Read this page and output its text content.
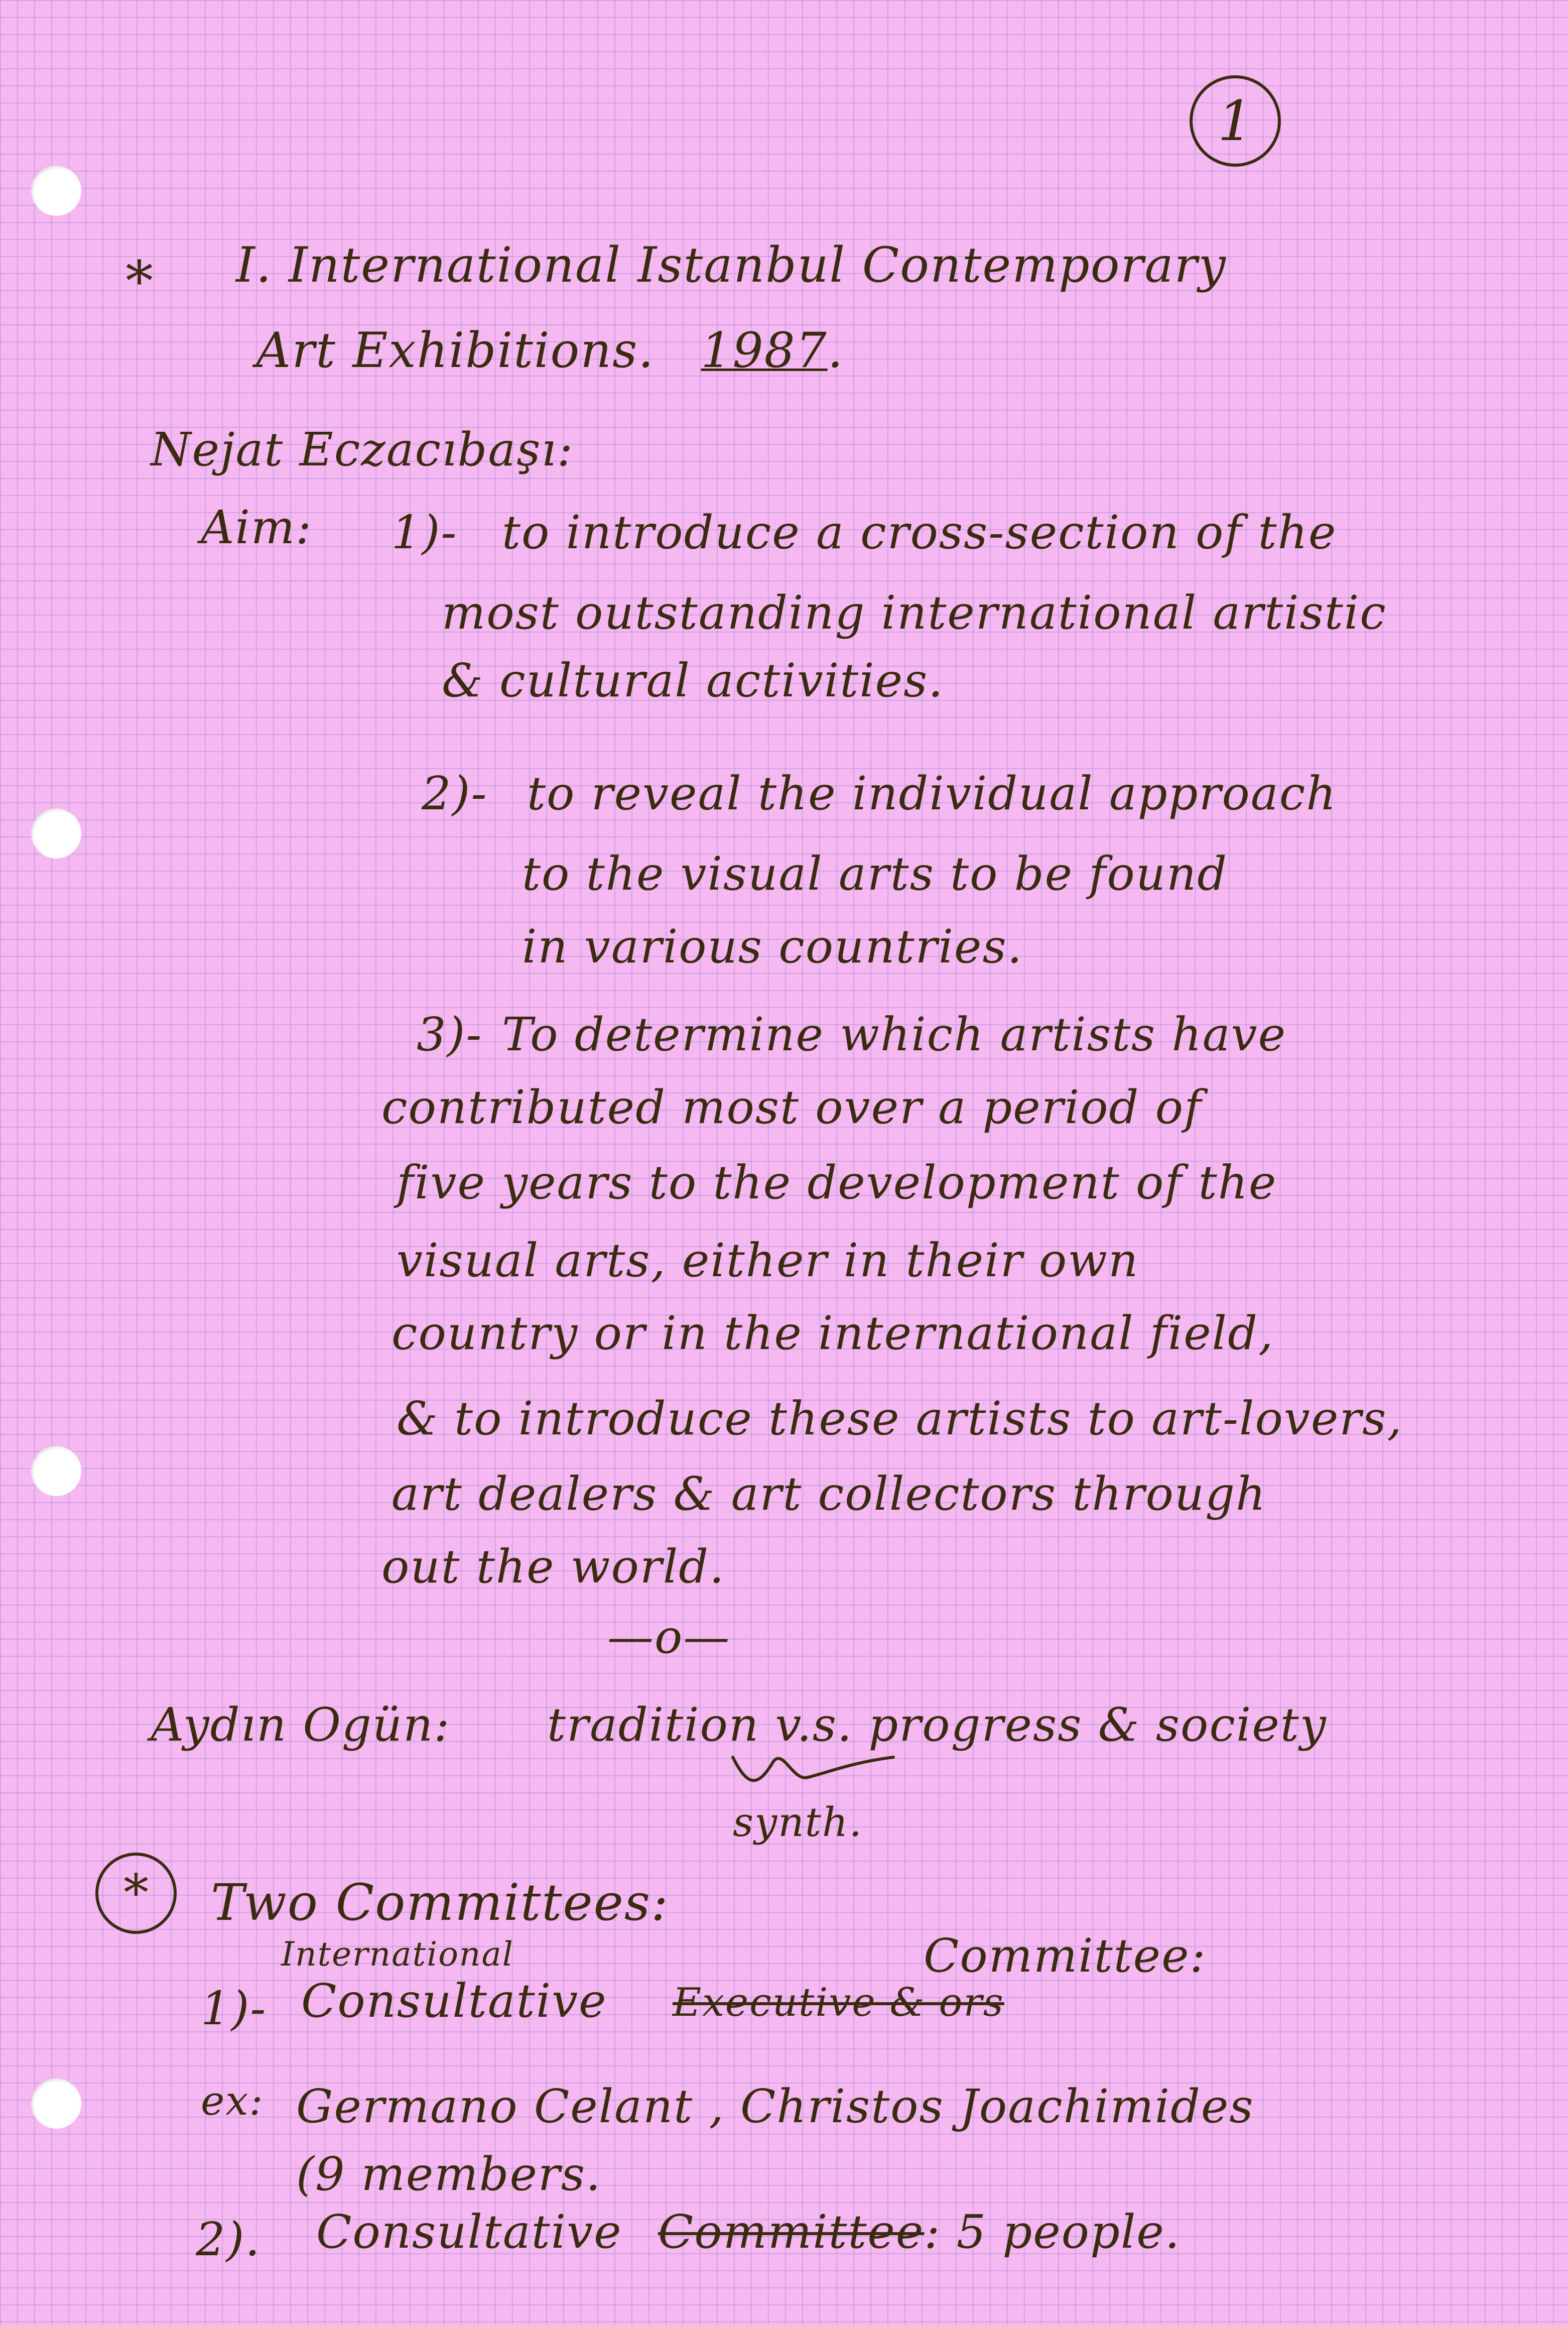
1

* I. International Istanbul Contemporary

Art Exhibitions. 1987.

Nejat Eczacıbaşı:

Aim: 1)- to introduce a cross-section of the

most outstanding international artistic

& cultural activities.

2)- to reveal the individual approach

to the visual arts to be found

in various countries.

3)- To determine which artists have

contributed most over a period of

five years to the development of the

visual arts, either in their own

country or in the international field,

& to introduce these artists to art-lovers,

art dealers & art collectors through

out the world.

—o—

Aydın Ogün: tradition v.s. progress & society

synth.

* Two Committees:

International

1)- Consultative Executive & ors

Committee:

ex: Germano Celant , Christos Joachimides

(9 members.

2). Consultative Committee: 5 people.
